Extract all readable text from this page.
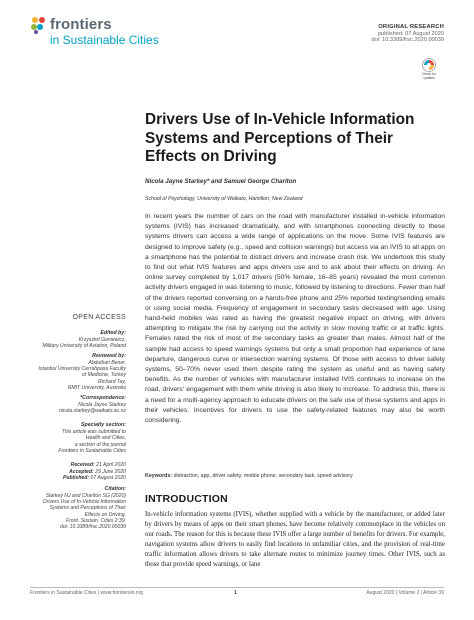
frontiers
in Sustainable Cities
ORIGINAL RESEARCH
published: 07 August 2020
doi: 10.3389/frsc.2020.00039
Check for
updates
Drivers Use of In-Vehicle Information
Systems and Perceptions of Their
Effects on Driving
Nicola Jayne Starkey* and Samuel George Charlton
School of Psychology, University of Waikato, Hamilton, New Zealand
In recent years the number of cars on the road with manufacturer installed in-vehicle information systems (IVIS) has increased dramatically, and with smartphones connecting directly to these systems drivers can access a wide range of applications on the move. Some IVIS features are designed to improve safety (e.g., speed and collision warnings) but access via an IVIS to all apps on a smartphone has the potential to distract drivers and increase crash risk. We undertook this study to find out what IVIS features and apps drivers use and to ask about their effects on driving. An online survey completed by 1,017 drivers (50% female, 16–85 years) revealed the most common activity drivers engaged in was listening to music, followed by listening to directions. Fewer than half of the drivers reported conversing on a hands-free phone and 25% reported texting/sending emails or using social media. Frequency of engagement in secondary tasks decreased with age. Using hand-held mobiles was rated as having the greatest negative impact on driving, with drivers attempting to mitigate the risk by carrying out the activity in slow moving traffic or at traffic lights. Females rated the risk of most of the secondary tasks as greater than males. Almost half of the sample had access to speed warnings systems but only a small proportion had experience of lane departure, dangerous curve or intersection warning systems. Of those with access to driver safety systems, 50–70% never used them despite rating the system as useful and as having safety benefits. As the number of vehicles with manufacturer installed IVIS continues to increase on the road, drivers' engagement with them while driving is also likely to increase. To address this, there is a need for a multi-agency approach to educate drivers on the safe use of these systems and apps in their vehicles. Incentives for drivers to use the safety-related features may also be worth considering.
Keywords: distraction, app, driver safety, mobile phone, secondary task, speed advisory
INTRODUCTION
In-vehicle information systems (IVIS), whether supplied with a vehicle by the manufacturer, or added later by drivers by means of apps on their smart phones, have become relatively commonplace in the vehicles on our roads. The reason for this is because these IVIS offer a large number of benefits for drivers. For example, navigation systems allow drivers to easily find locations in unfamiliar cities, and the provision of real-time traffic information allows drivers to take alternate routes to minimize journey times. Other IVIS, such as those that provide speed warnings, or lane
OPEN ACCESS
Edited by:
Krzysztof Goniewicz,
Military University of Aviation, Poland
Reviewed by:
Abdulbari Bener,
Istanbul University Cerrahpasa Faculty
of Medicine, Turkey
Richard Tay,
RMIT University, Australia
*Correspondence:
Nicola Jayne Starkey
nicola.starkey@waikato.ac.nz
Specialty section:
This article was submitted to
Health and Cities,
a section of the journal
Frontiers in Sustainable Cities
Received: 21 April 2020
Accepted: 29 June 2020
Published: 07 August 2020
Citation:
Starkey NJ and Charlton SG (2020)
Drivers Use of In-Vehicle Information
Systems and Perceptions of Their
Effects on Driving.
Front. Sustain. Cities 2:39.
doi: 10.3389/frsc.2020.00039
Frontiers in Sustainable Cities | www.frontiersin.org	1	August 2020 | Volume 2 | Article 39
